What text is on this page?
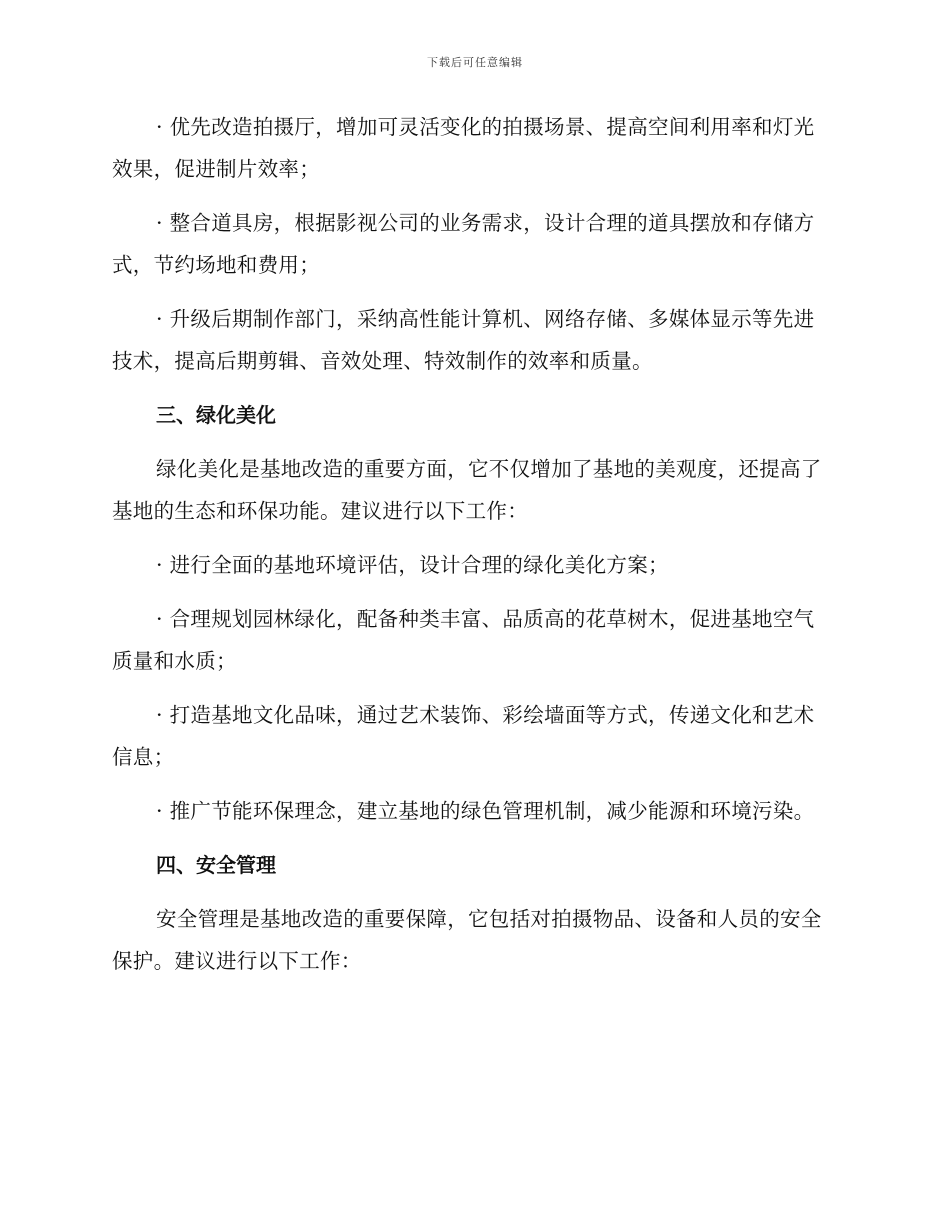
下载后可任意编辑

· 优先改造拍摄厅，增加可灵活变化的拍摄场景、提高空间利用率和灯光效果，促进制片效率；

· 整合道具房，根据影视公司的业务需求，设计合理的道具摆放和存储方式，节约场地和费用；

· 升级后期制作部门，采纳高性能计算机、网络存储、多媒体显示等先进技术，提高后期剪辑、音效处理、特效制作的效率和质量。

三、绿化美化

绿化美化是基地改造的重要方面，它不仅增加了基地的美观度，还提高了基地的生态和环保功能。建议进行以下工作：

· 进行全面的基地环境评估，设计合理的绿化美化方案；

· 合理规划园林绿化，配备种类丰富、品质高的花草树木，促进基地空气质量和水质；

· 打造基地文化品味，通过艺术装饰、彩绘墙面等方式，传递文化和艺术信息；

· 推广节能环保理念，建立基地的绿色管理机制，减少能源和环境污染。

四、安全管理

安全管理是基地改造的重要保障，它包括对拍摄物品、设备和人员的安全保护。建议进行以下工作：
